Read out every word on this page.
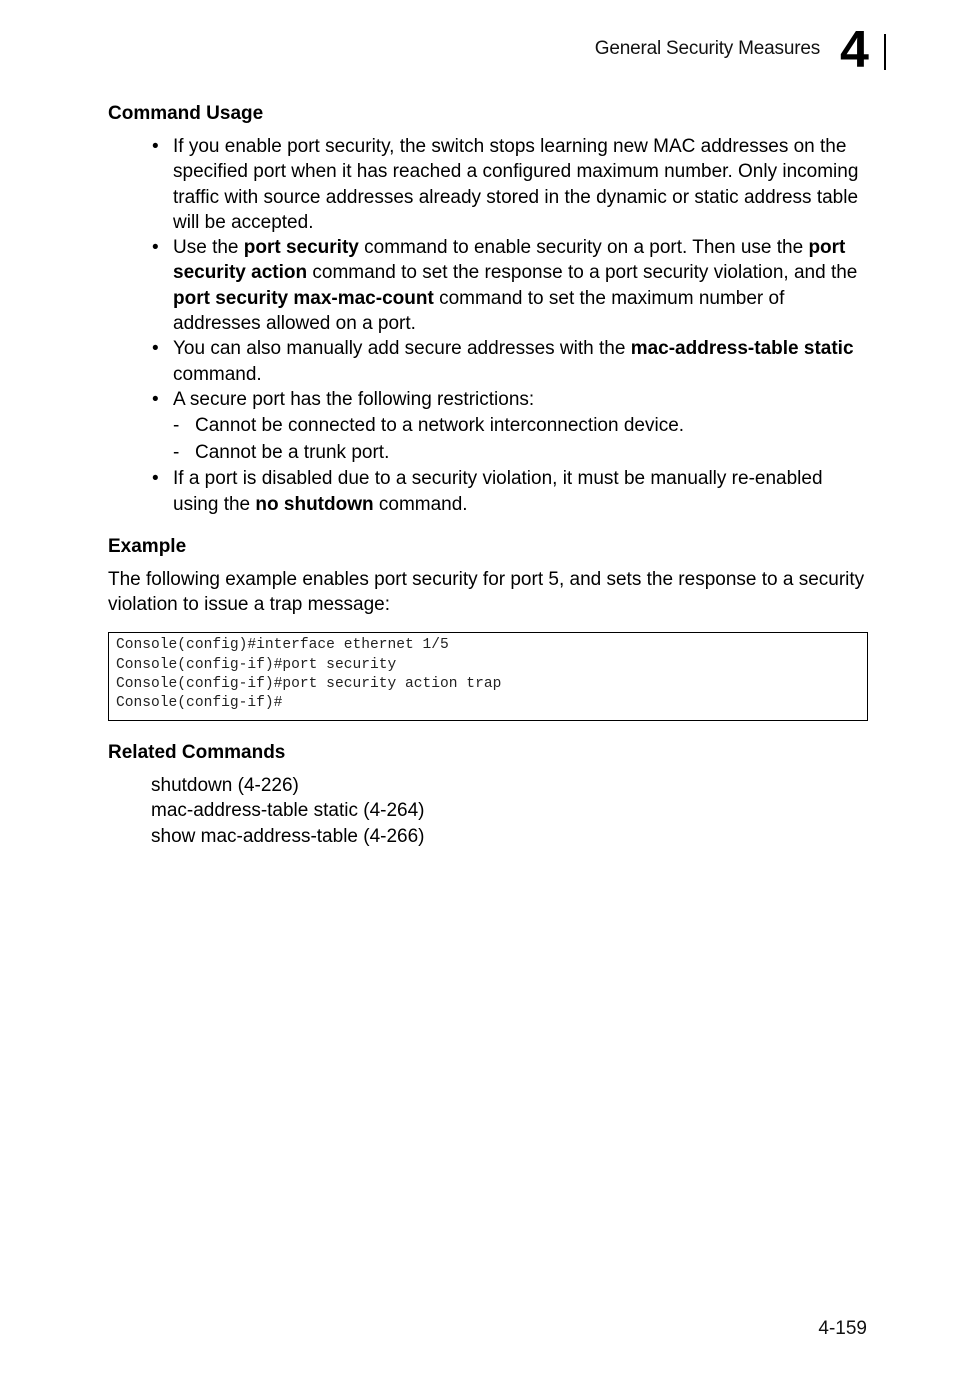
General Security Measures 4
Command Usage
• If you enable port security, the switch stops learning new MAC addresses on the specified port when it has reached a configured maximum number. Only incoming traffic with source addresses already stored in the dynamic or static address table will be accepted.
• Use the port security command to enable security on a port. Then use the port security action command to set the response to a port security violation, and the port security max-mac-count command to set the maximum number of addresses allowed on a port.
• You can also manually add secure addresses with the mac-address-table static command.
• A secure port has the following restrictions:
- Cannot be connected to a network interconnection device.
- Cannot be a trunk port.
• If a port is disabled due to a security violation, it must be manually re-enabled using the no shutdown command.
Example

The following example enables port security for port 5, and sets the response to a security violation to issue a trap message:

Console(config)#interface ethernet 1/5
Console(config-if)#port security
Console(config-if)#port security action trap
Console(config-if)#
Related Commands
shutdown (4-226)
mac-address-table static (4-264)
show mac-address-table (4-266)
4-159
